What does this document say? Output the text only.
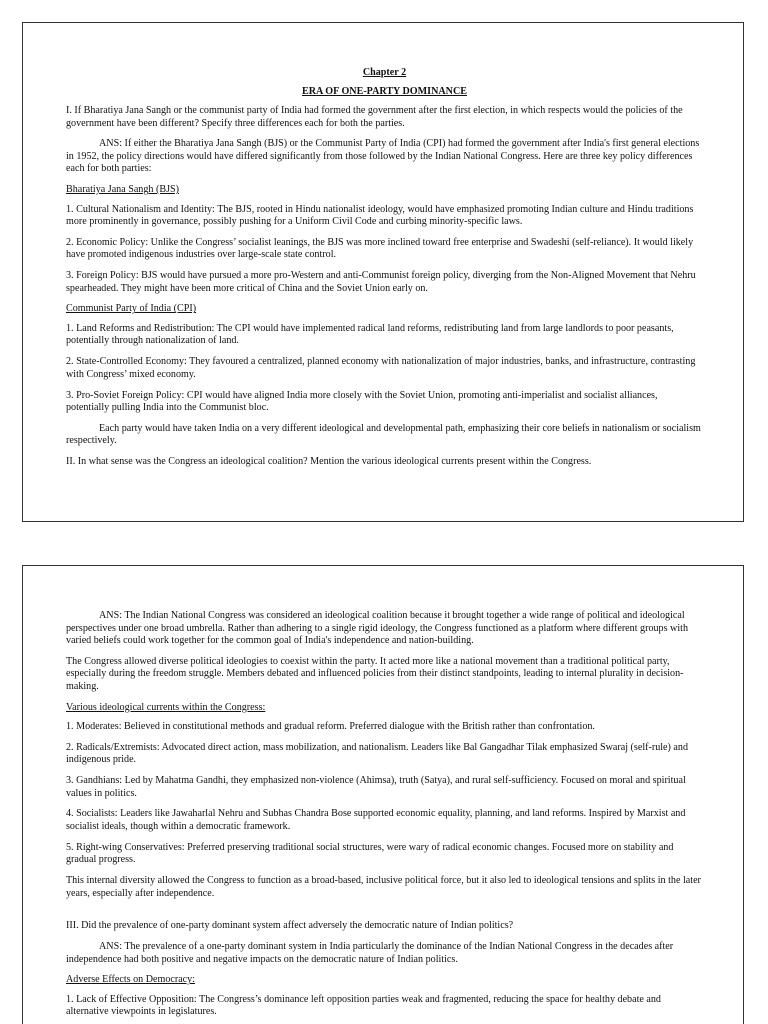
Chapter 2

ERA OF ONE-PARTY DOMINANCE

I. If Bharatiya Jana Sangh or the communist party of India had formed the government after the first election, in which respects would the policies of the government have been different? Specify three differences each for both the parties.

ANS: If either the Bharatiya Jana Sangh (BJS) or the Communist Party of India (CPI) had formed the government after India's first general elections in 1952, the policy directions would have differed significantly from those followed by the Indian National Congress. Here are three key policy differences each for both parties:

Bharatiya Jana Sangh (BJS)

1. Cultural Nationalism and Identity: The BJS, rooted in Hindu nationalist ideology, would have emphasized promoting Indian culture and Hindu traditions more prominently in governance, possibly pushing for a Uniform Civil Code and curbing minority-specific laws.

2. Economic Policy: Unlike the Congress’ socialist leanings, the BJS was more inclined toward free enterprise and Swadeshi (self-reliance). It would likely have promoted indigenous industries over large-scale state control.

3. Foreign Policy: BJS would have pursued a more pro-Western and anti-Communist foreign policy, diverging from the Non-Aligned Movement that Nehru spearheaded. They might have been more critical of China and the Soviet Union early on.

Communist Party of India (CPI)

1. Land Reforms and Redistribution: The CPI would have implemented radical land reforms, redistributing land from large landlords to poor peasants, potentially through nationalization of land.

2. State-Controlled Economy: They favoured a centralized, planned economy with nationalization of major industries, banks, and infrastructure, contrasting with Congress’ mixed economy.

3. Pro-Soviet Foreign Policy: CPI would have aligned India more closely with the Soviet Union, promoting anti-imperialist and socialist alliances, potentially pulling India into the Communist bloc.

Each party would have taken India on a very different ideological and developmental path, emphasizing their core beliefs in nationalism or socialism respectively.

II. In what sense was the Congress an ideological coalition? Mention the various ideological currents present within the Congress.

ANS: The Indian National Congress was considered an ideological coalition because it brought together a wide range of political and ideological perspectives under one broad umbrella. Rather than adhering to a single rigid ideology, the Congress functioned as a platform where different groups with varied beliefs could work together for the common goal of India's independence and nation-building.

The Congress allowed diverse political ideologies to coexist within the party. It acted more like a national movement than a traditional political party, especially during the freedom struggle. Members debated and influenced policies from their distinct standpoints, leading to internal plurality in decision-making.

Various ideological currents within the Congress:

1. Moderates: Believed in constitutional methods and gradual reform. Preferred dialogue with the British rather than confrontation.

2. Radicals/Extremists: Advocated direct action, mass mobilization, and nationalism. Leaders like Bal Gangadhar Tilak emphasized Swaraj (self-rule) and indigenous pride.

3. Gandhians: Led by Mahatma Gandhi, they emphasized non-violence (Ahimsa), truth (Satya), and rural self-sufficiency. Focused on moral and spiritual values in politics.

4. Socialists: Leaders like Jawaharlal Nehru and Subhas Chandra Bose supported economic equality, planning, and land reforms. Inspired by Marxist and socialist ideals, though within a democratic framework.

5. Right-wing Conservatives: Preferred preserving traditional social structures, were wary of radical economic changes. Focused more on stability and gradual progress.

This internal diversity allowed the Congress to function as a broad-based, inclusive political force, but it also led to ideological tensions and splits in the later years, especially after independence.

III. Did the prevalence of one-party dominant system affect adversely the democratic nature of Indian politics?

ANS: The prevalence of a one-party dominant system in India particularly the dominance of the Indian National Congress in the decades after independence had both positive and negative impacts on the democratic nature of Indian politics.

Adverse Effects on Democracy:

1. Lack of Effective Opposition: The Congress’s dominance left opposition parties weak and fragmented, reducing the space for healthy debate and alternative viewpoints in legislatures.
